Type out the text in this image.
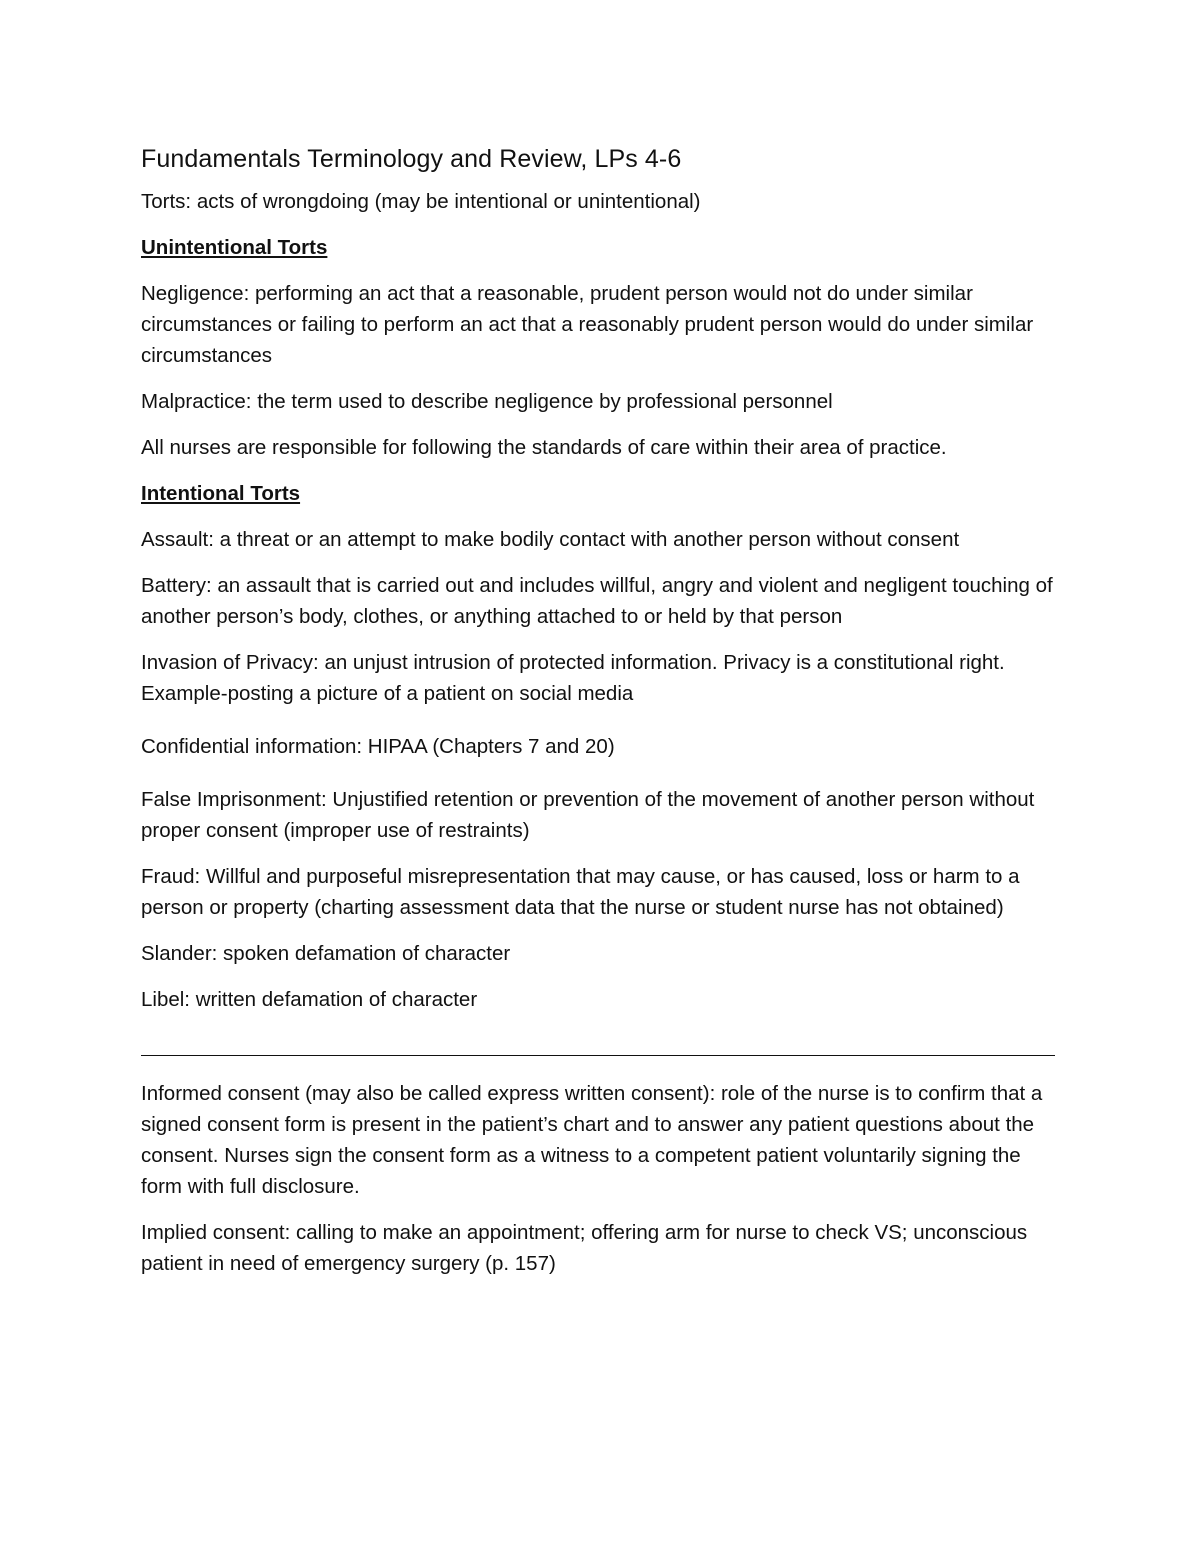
Fundamentals Terminology and Review, LPs 4-6

Torts: acts of wrongdoing (may be intentional or unintentional)

Unintentional Torts

Negligence: performing an act that a reasonable, prudent person would not do under similar circumstances or failing to perform an act that a reasonably prudent person would do under similar circumstances

Malpractice: the term used to describe negligence by professional personnel

All nurses are responsible for following the standards of care within their area of practice.

Intentional Torts

Assault: a threat or an attempt to make bodily contact with another person without consent

Battery: an assault that is carried out and includes willful, angry and violent and negligent touching of another person’s body, clothes, or anything attached to or held by that person

Invasion of Privacy: an unjust intrusion of protected information. Privacy is a constitutional right. Example-posting a picture of a patient on social media

Confidential information: HIPAA (Chapters 7 and 20)

False Imprisonment: Unjustified retention or prevention of the movement of another person without proper consent (improper use of restraints)

Fraud: Willful and purposeful misrepresentation that may cause, or has caused, loss or harm to a person or property (charting assessment data that the nurse or student nurse has not obtained)

Slander: spoken defamation of character

Libel: written defamation of character

Informed consent (may also be called express written consent): role of the nurse is to confirm that a signed consent form is present in the patient’s chart and to answer any patient questions about the consent. Nurses sign the consent form as a witness to a competent patient voluntarily signing the form with full disclosure.

Implied consent: calling to make an appointment; offering arm for nurse to check VS; unconscious patient in need of emergency surgery (p. 157)
